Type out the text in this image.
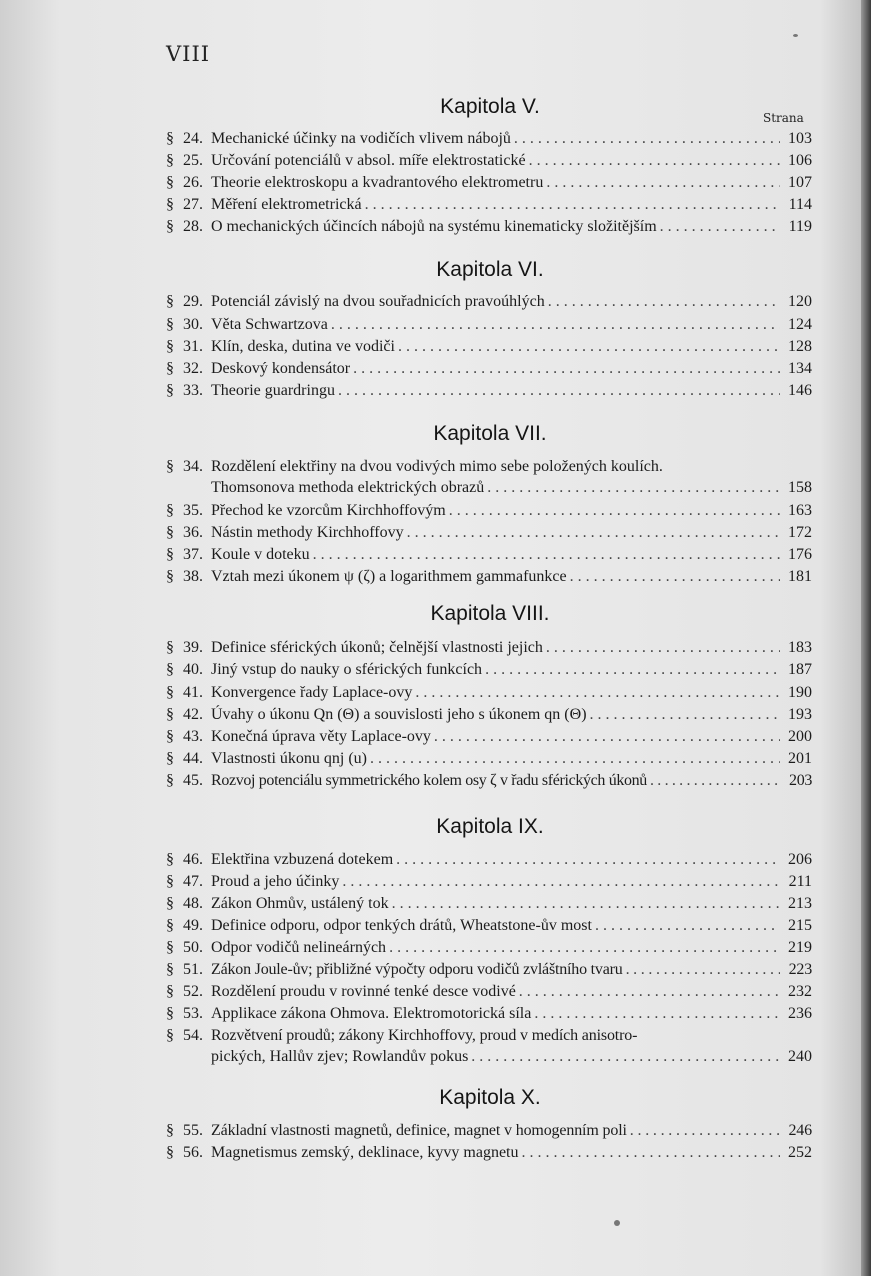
VIII
Strana
Kapitola V.
§ 24. Mechanické účinky na vodičích vlivem nábojů . . .	103
§ 25. Určování potenciálů v absol. míře elektrostatické . . .	106
§ 26. Theorie elektroskopu a kvadrantového elektrometru . . .	107
§ 27. Měření elektrometrická . . .	114
§ 28. O mechanických účincích nábojů na systému kinematicky složitějším . . .	119
Kapitola VI.
§ 29. Potenciál závislý na dvou souřadnicích pravoúhlých . . .	120
§ 30. Věta Schwartzova . . .	124
§ 31. Klín, deska, dutina ve vodiči . . .	128
§ 32. Deskový kondensátor . . .	134
§ 33. Theorie guardringu . . .	146
Kapitola VII.
§ 34. Rozdělení elektřiny na dvou vodivých mimo sebe položených koulích.
Thomsonova methoda elektrických obrazů . . .	158
§ 35. Přechod ke vzorcům Kirchhoffovým . . .	163
§ 36. Nástin methody Kirchhoffovy . . .	172
§ 37. Koule v doteku . . .	176
§ 38. Vztah mezi úkonem ψ (ζ) a logarithmem gammafunkce . . .	181
Kapitola VIII.
§ 39. Definice sférických úkonů; čelnější vlastnosti jejich . . .	183
§ 40. Jiný vstup do nauky o sférických funkcích . . .	187
§ 41. Konvergence řady Laplace-ovy . . .	190
§ 42. Úvahy o úkonu Qn (Θ) a souvislosti jeho s úkonem qn (Θ) . . .	193
§ 43. Konečná úprava věty Laplace-ovy . . .	200
§ 44. Vlastnosti úkonu qnj (u) . . .	201
§ 45. Rozvoj potenciálu symmetrického kolem osy ζ v řadu sférických úkonů . . .	203
Kapitola IX.
§ 46. Elektřina vzbuzená dotekem . . .	206
§ 47. Proud a jeho účinky . . .	211
§ 48. Zákon Ohmův, ustálený tok . . .	213
§ 49. Definice odporu, odpor tenkých drátů, Wheatstone-ův most . . .	215
§ 50. Odpor vodičů nelineárných . . .	219
§ 51. Zákon Joule-ův; přibližné výpočty odporu vodičů zvláštního tvaru . . .	223
§ 52. Rozdělení proudu v rovinné tenké desce vodivé . . .	232
§ 53. Applikace zákona Ohmova. Elektromotorická síla . . .	236
§ 54. Rozvětvení proudů; zákony Kirchhoffovy, proud v medích anisotro-
pických, Hallův zjev; Rowlandův pokus . . .	240
Kapitola X.
§ 55. Základní vlastnosti magnetů, definice, magnet v homogenním poli . . .	246
§ 56. Magnetismus zemský, deklinace, kyvy magnetu . . .	252
